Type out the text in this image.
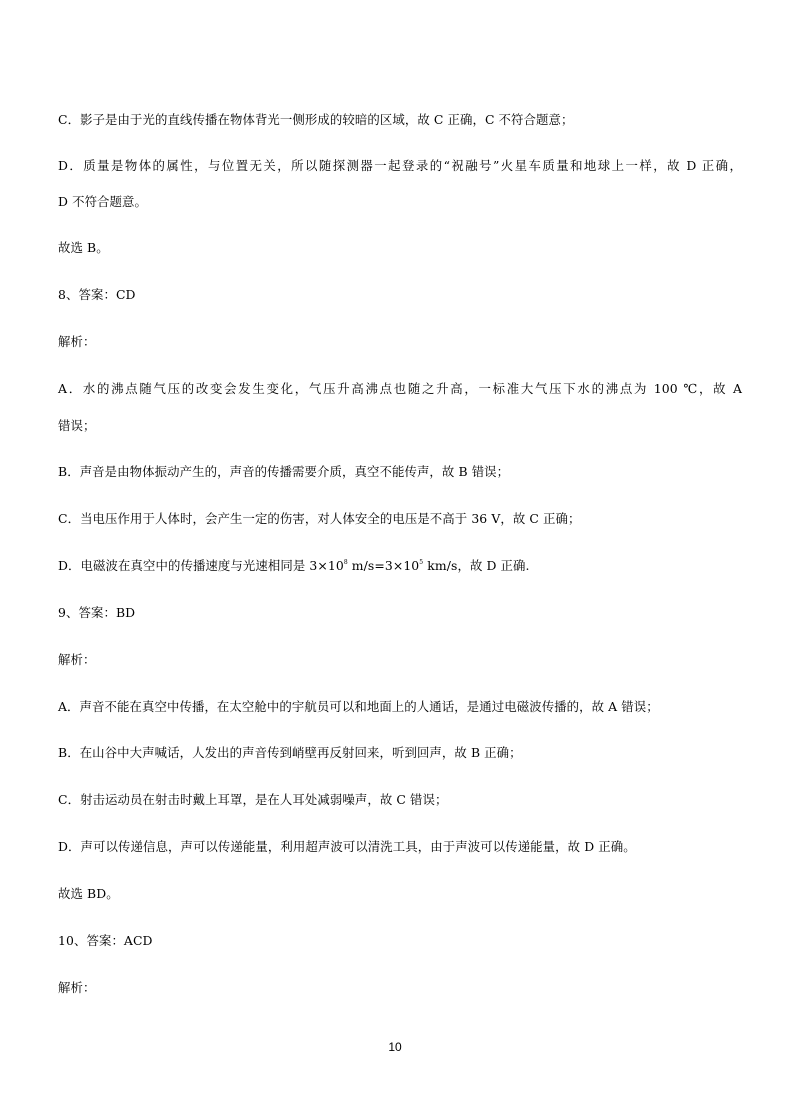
C．影子是由于光的直线传播在物体背光一侧形成的较暗的区域，故 C 正确，C 不符合题意；
D．质量是物体的属性，与位置无关，所以随探测器一起登录的“祝融号”火星车质量和地球上一样，故 D 正确，
D 不符合题意。
故选 B。
8、答案：CD
解析：
A．水的沸点随气压的改变会发生变化，气压升高沸点也随之升高，一标准大气压下水的沸点为 100 ℃，故 A
错误；
B．声音是由物体振动产生的，声音的传播需要介质，真空不能传声，故 B 错误；
C．当电压作用于人体时，会产生一定的伤害，对人体安全的电压是不高于 36 V，故 C 正确；
D．电磁波在真空中的传播速度与光速相同是 $3\times 10^8$ $m/s=3\times 10^5$ km/s，故 D 正确.
9、答案：BD
解析：
A．声音不能在真空中传播，在太空舱中的宇航员可以和地面上的人通话，是通过电磁波传播的，故 A 错误；
B．在山谷中大声喊话，人发出的声音传到峭壁再反射回来，听到回声，故 B 正确；
C．射击运动员在射击时戴上耳罩，是在人耳处减弱噪声，故 C 错误；
D．声可以传递信息，声可以传递能量，利用超声波可以清洗工具，由于声波可以传递能量，故 D 正确。
故选 BD。
10、答案：ACD
解析：
10
